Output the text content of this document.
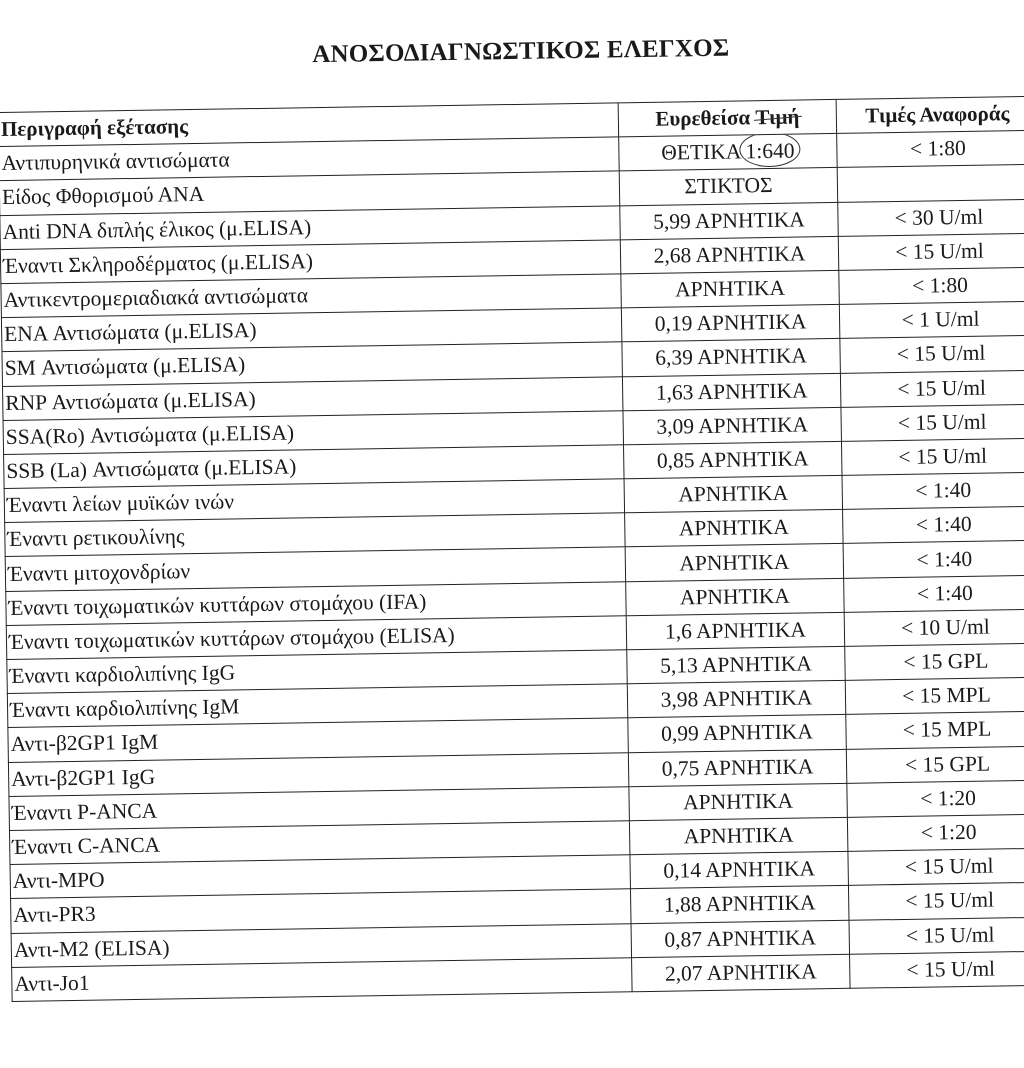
ΑΝΟΣΟΔΙΑΓΝΩΣΤΙΚΟΣ ΕΛΕΓΧΟΣ
Περιγραφή εξέτασης	Ευρεθείσα Τιμή	Τιμές Αναφοράς
Αντιπυρηνικά αντισώματα	ΘΕΤΙΚΑ 1:640	< 1:80
Είδος Φθορισμού ΑΝΑ	ΣΤΙΚΤΟΣ	
Anti DNA διπλής έλικος (μ.ELISA)	5,99 ΑΡΝΗΤΙΚΑ	< 30 U/ml
Έναντι Σκληροδέρματος (μ.ELISA)	2,68 ΑΡΝΗΤΙΚΑ	< 15 U/ml
Αντικεντρομεριαδιακά αντισώματα	ΑΡΝΗΤΙΚΑ	< 1:80
ENA Αντισώματα (μ.ELISA)	0,19 ΑΡΝΗΤΙΚΑ	< 1 U/ml
SM Αντισώματα (μ.ELISA)	6,39 ΑΡΝΗΤΙΚΑ	< 15 U/ml
RNP Αντισώματα (μ.ELISA)	1,63 ΑΡΝΗΤΙΚΑ	< 15 U/ml
SSA(Ro) Αντισώματα (μ.ELISA)	3,09 ΑΡΝΗΤΙΚΑ	< 15 U/ml
SSB (La) Αντισώματα (μ.ELISA)	0,85 ΑΡΝΗΤΙΚΑ	< 15 U/ml
Έναντι λείων μυϊκών ινών	ΑΡΝΗΤΙΚΑ	< 1:40
Έναντι ρετικουλίνης	ΑΡΝΗΤΙΚΑ	< 1:40
Έναντι μιτοχονδρίων	ΑΡΝΗΤΙΚΑ	< 1:40
Έναντι τοιχωματικών κυττάρων στομάχου (IFA)	ΑΡΝΗΤΙΚΑ	< 1:40
Έναντι τοιχωματικών κυττάρων στομάχου (ELISA)	1,6 ΑΡΝΗΤΙΚΑ	< 10 U/ml
Έναντι καρδιολιπίνης IgG	5,13 ΑΡΝΗΤΙΚΑ	< 15 GPL
Έναντι καρδιολιπίνης IgM	3,98 ΑΡΝΗΤΙΚΑ	< 15 MPL
Αντι-β2GP1 IgM	0,99 ΑΡΝΗΤΙΚΑ	< 15 MPL
Αντι-β2GP1 IgG	0,75 ΑΡΝΗΤΙΚΑ	< 15 GPL
Έναντι P-ANCA	ΑΡΝΗΤΙΚΑ	< 1:20
Έναντι C-ANCA	ΑΡΝΗΤΙΚΑ	< 1:20
Αντι-MPO	0,14 ΑΡΝΗΤΙΚΑ	< 15 U/ml
Αντι-PR3	1,88 ΑΡΝΗΤΙΚΑ	< 15 U/ml
Αντι-M2 (ELISA)	0,87 ΑΡΝΗΤΙΚΑ	< 15 U/ml
Αντι-Jo1	2,07 ΑΡΝΗΤΙΚΑ	< 15 U/ml
